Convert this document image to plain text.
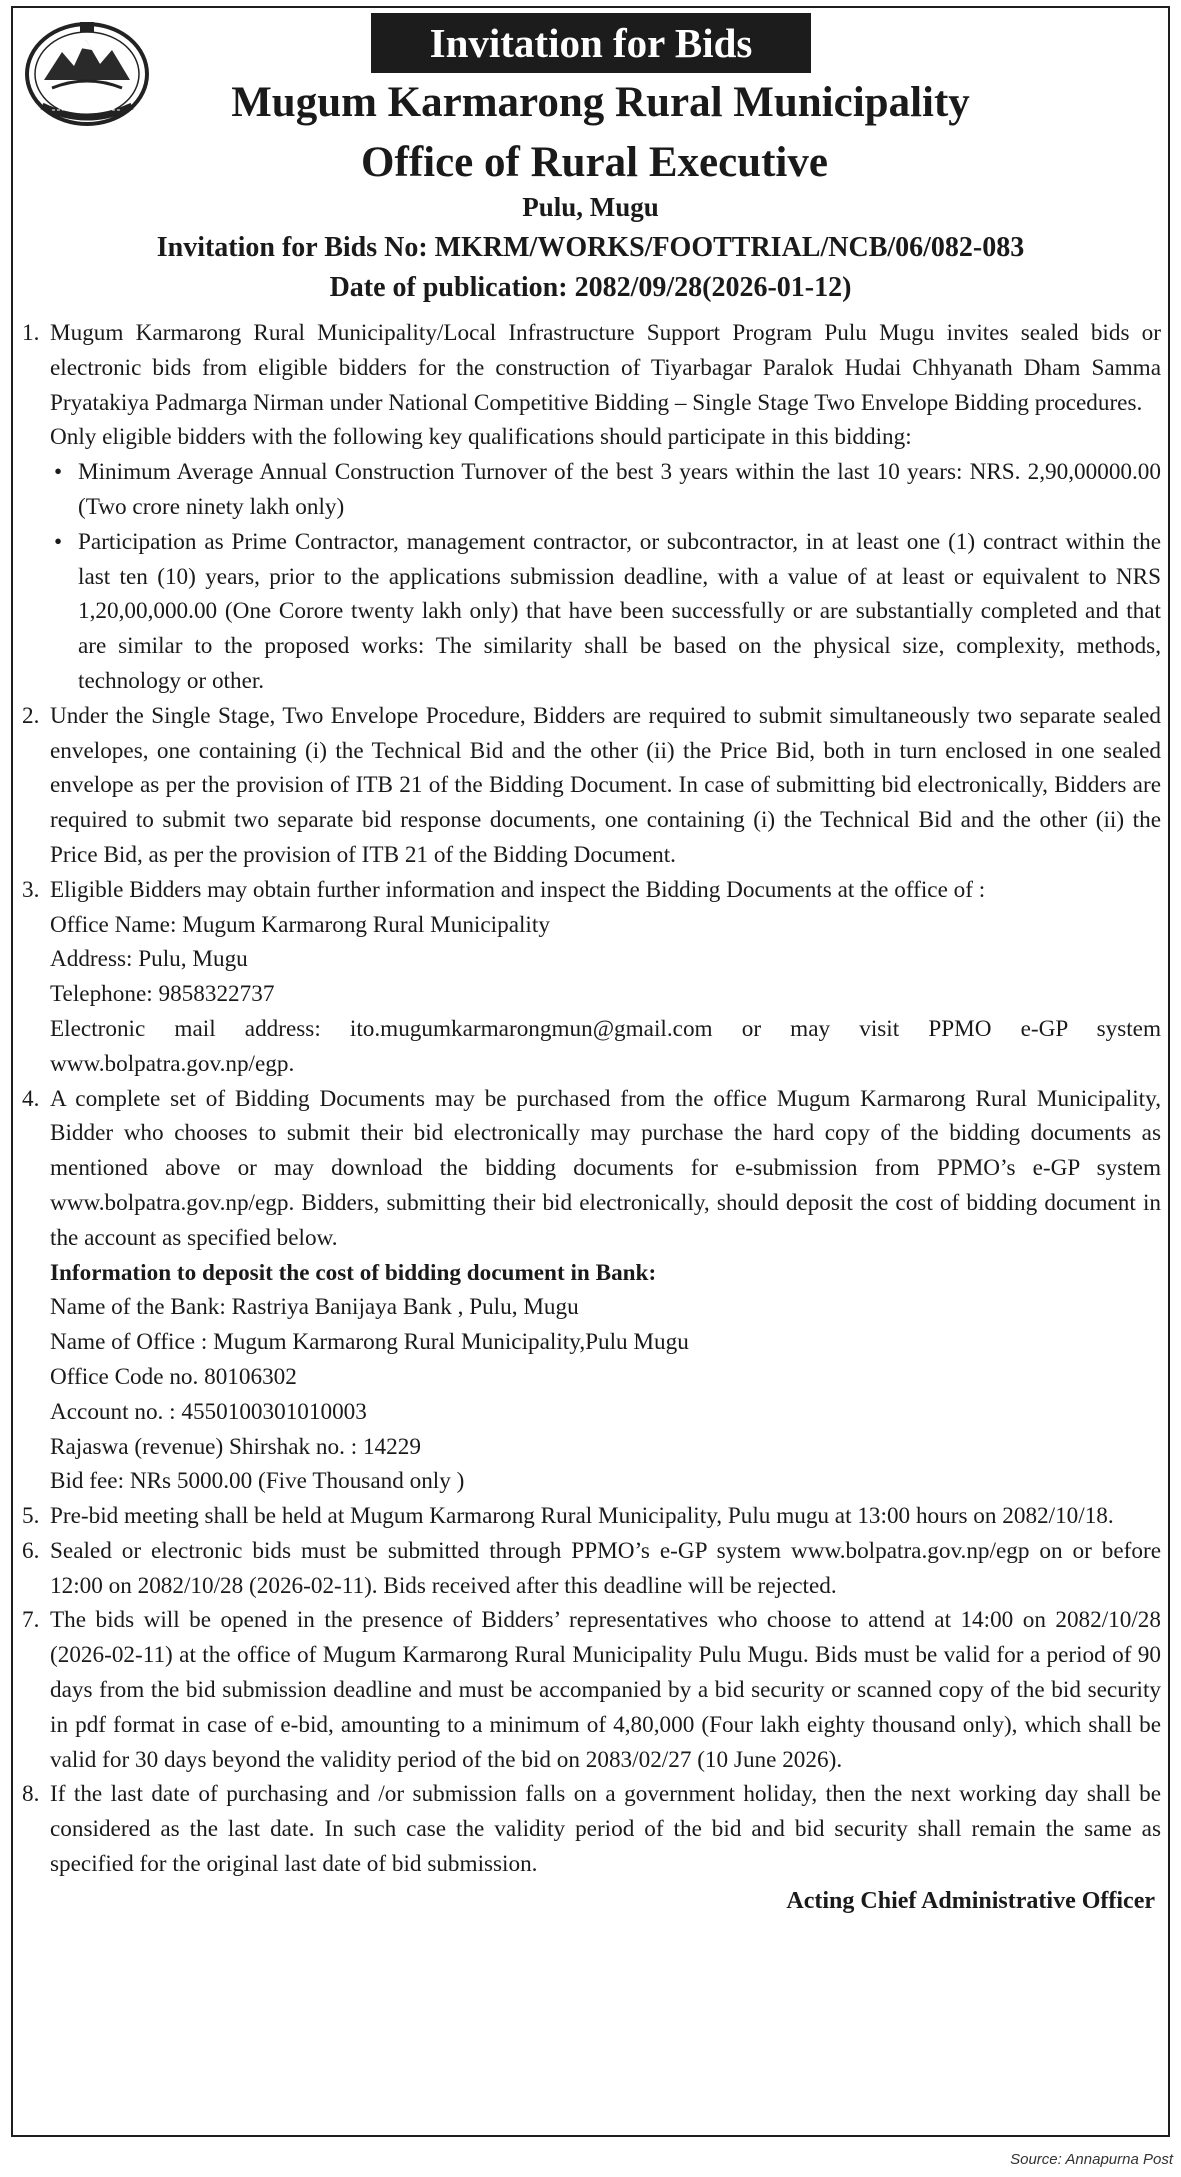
Invitation for Bids
Mugum Karmarong Rural Municipality
Office of Rural Executive
Pulu, Mugu
Invitation for Bids No: MKRM/WORKS/FOOTTRIAL/NCB/06/082-083
Date of publication: 2082/09/28(2026-01-12)
1. Mugum Karmarong Rural Municipality/Local Infrastructure Support Program Pulu Mugu invites sealed bids or electronic bids from eligible bidders for the construction of Tiyarbagar Paralok Hudai Chhyanath Dham Samma Pryatakiya Padmarga Nirman under National Competitive Bidding – Single Stage Two Envelope Bidding procedures.

Only eligible bidders with the following key qualifications should participate in this bidding:

• Minimum Average Annual Construction Turnover of the best 3 years within the last 10 years: NRS. 2,90,00000.00 (Two crore ninety lakh only)
• Participation as Prime Contractor, management contractor, or subcontractor, in at least one (1) contract within the last ten (10) years, prior to the applications submission deadline, with a value of at least or equivalent to NRS 1,20,00,000.00 (One Corore twenty lakh only) that have been successfully or are substantially completed and that are similar to the proposed works: The similarity shall be based on the physical size, complexity, methods, technology or other.
2. Under the Single Stage, Two Envelope Procedure, Bidders are required to submit simultaneously two separate sealed envelopes, one containing (i) the Technical Bid and the other (ii) the Price Bid, both in turn enclosed in one sealed envelope as per the provision of ITB 21 of the Bidding Document. In case of submitting bid electronically, Bidders are required to submit two separate bid response documents, one containing (i) the Technical Bid and the other (ii) the Price Bid, as per the provision of ITB 21 of the Bidding Document.

3. Eligible Bidders may obtain further information and inspect the Bidding Documents at the office of :

Office Name: Mugum Karmarong Rural Municipality

Address: Pulu, Mugu

Telephone: 9858322737

Electronic mail address: ito.mugumkarmarongmun@gmail.com or may visit PPMO e-GP system www.bolpatra.gov.np/egp.

4. A complete set of Bidding Documents may be purchased from the office Mugum Karmarong Rural Municipality, Bidder who chooses to submit their bid electronically may purchase the hard copy of the bidding documents as mentioned above or may download the bidding documents for e-submission from PPMO’s e-GP system www.bolpatra.gov.np/egp. Bidders, submitting their bid electronically, should deposit the cost of bidding document in the account as specified below.

Information to deposit the cost of bidding document in Bank:

Name of the Bank: Rastriya Banijaya Bank , Pulu, Mugu

Name of Office : Mugum Karmarong Rural Municipality,Pulu Mugu

Office Code no. 80106302

Account no. : 4550100301010003

Rajaswa (revenue) Shirshak no. : 14229

Bid fee: NRs 5000.00 (Five Thousand only )

5. Pre-bid meeting shall be held at Mugum Karmarong Rural Municipality, Pulu mugu at 13:00 hours on 2082/10/18.

6. Sealed or electronic bids must be submitted through PPMO’s e-GP system www.bolpatra.gov.np/egp on or before 12:00 on 2082/10/28 (2026-02-11). Bids received after this deadline will be rejected.

7. The bids will be opened in the presence of Bidders’ representatives who choose to attend at 14:00 on 2082/10/28 (2026-02-11) at the office of Mugum Karmarong Rural Municipality Pulu Mugu. Bids must be valid for a period of 90 days from the bid submission deadline and must be accompanied by a bid security or scanned copy of the bid security in pdf format in case of e-bid, amounting to a minimum of 4,80,000 (Four lakh eighty thousand only), which shall be valid for 30 days beyond the validity period of the bid on 2083/02/27 (10 June 2026).

8. If the last date of purchasing and /or submission falls on a government holiday, then the next working day shall be considered as the last date. In such case the validity period of the bid and bid security shall remain the same as specified for the original last date of bid submission.

Acting Chief Administrative Officer
Source: Annapurna Post
